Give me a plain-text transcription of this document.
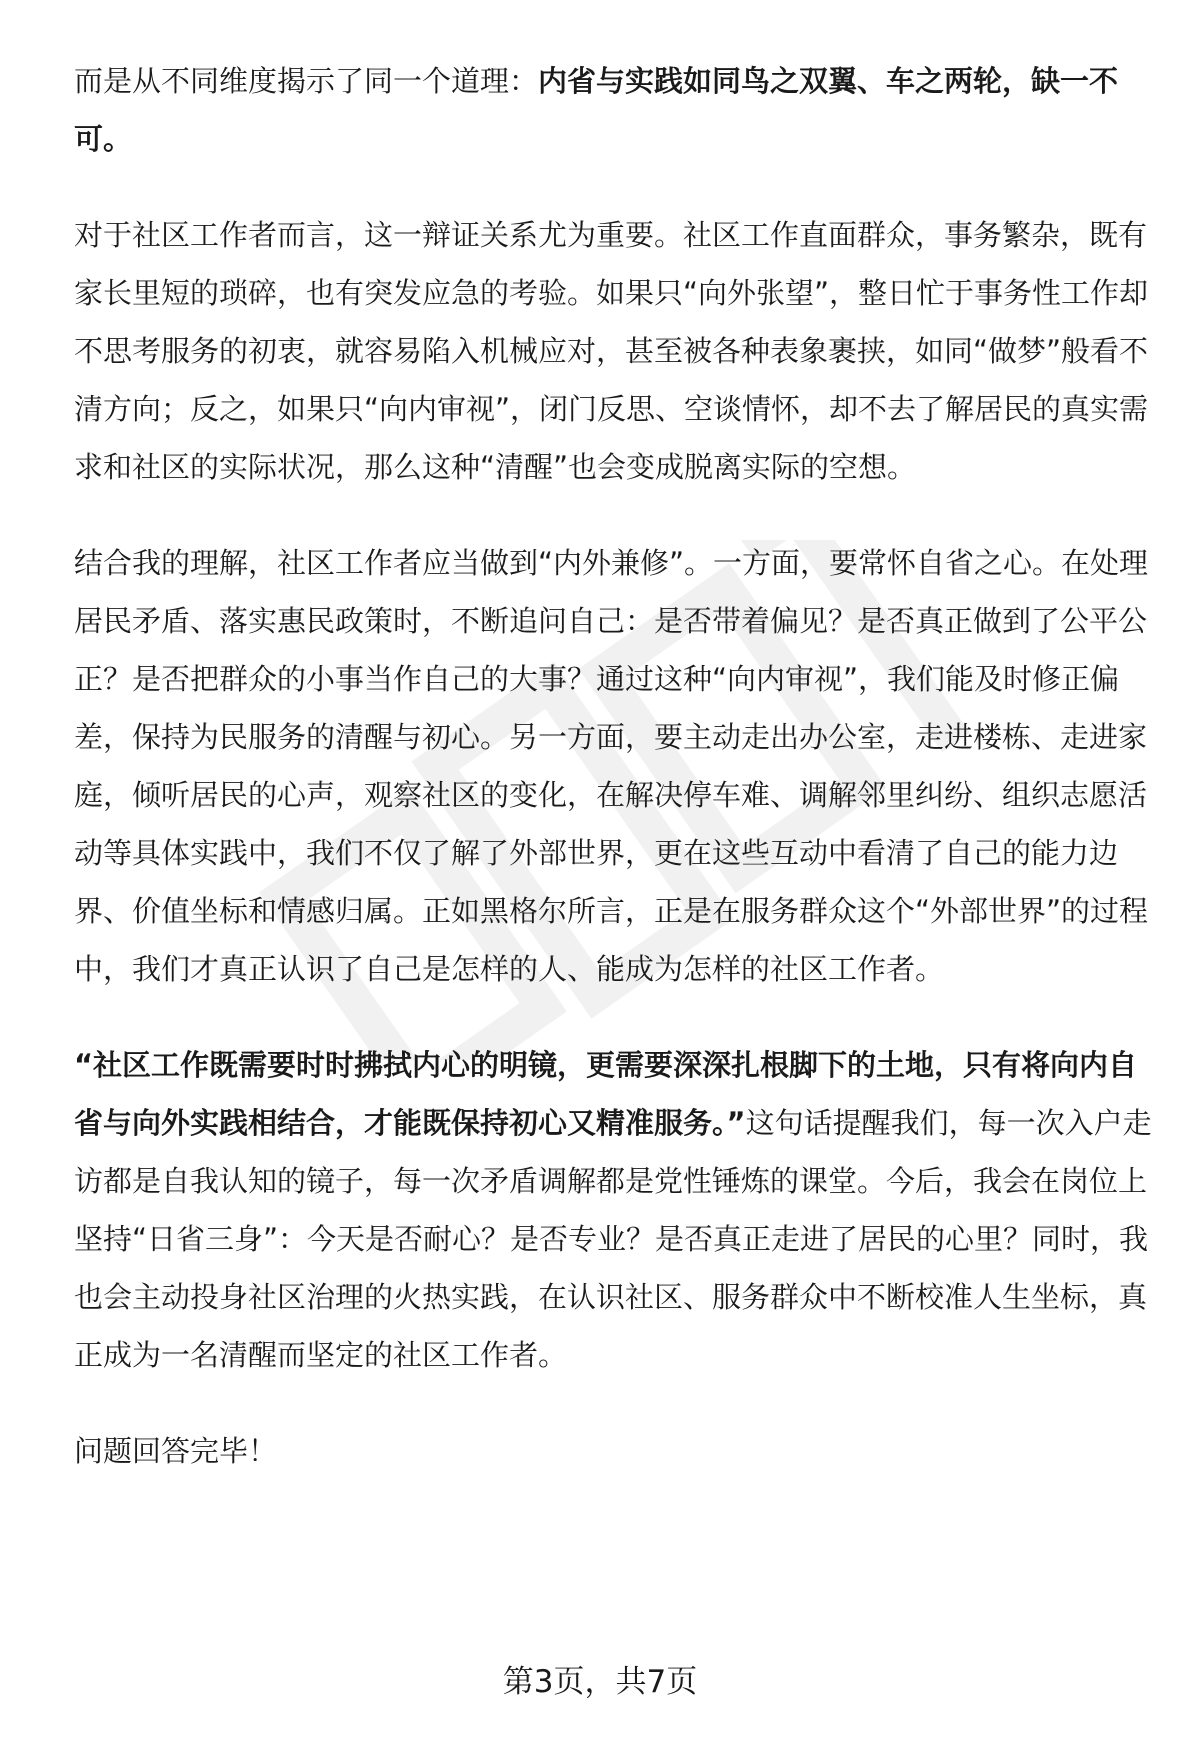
而是从不同维度揭示了同一个道理：内省与实践如同鸟之双翼、车之两轮，缺一不可。

对于社区工作者而言，这一辩证关系尤为重要。社区工作直面群众，事务繁杂，既有家长里短的琐碎，也有突发应急的考验。如果只“向外张望”，整日忙于事务性工作却不思考服务的初衷，就容易陷入机械应对，甚至被各种表象裹挟，如同“做梦”般看不清方向；反之，如果只“向内审视”，闭门反思、空谈情怀，却不去了解居民的真实需求和社区的实际状况，那么这种“清醒”也会变成脱离实际的空想。

结合我的理解，社区工作者应当做到“内外兼修”。一方面，要常怀自省之心。在处理居民矛盾、落实惠民政策时，不断追问自己：是否带着偏见？是否真正做到了公平公正？是否把群众的小事当作自己的大事？通过这种“向内审视”，我们能及时修正偏差，保持为民服务的清醒与初心。另一方面，要主动走出办公室，走进楼栋、走进家庭，倾听居民的心声，观察社区的变化，在解决停车难、调解邻里纠纷、组织志愿活动等具体实践中，我们不仅了解了外部世界，更在这些互动中看清了自己的能力边界、价值坐标和情感归属。正如黑格尔所言，正是在服务群众这个“外部世界”的过程中，我们才真正认识了自己是怎样的人、能成为怎样的社区工作者。

“社区工作既需要时时拂拭内心的明镜，更需要深深扎根脚下的土地，只有将向内自省与向外实践相结合，才能既保持初心又精准服务。”这句话提醒我们，每一次入户走访都是自我认知的镜子，每一次矛盾调解都是党性锤炼的课堂。今后，我会在岗位上坚持“日省三身”：今天是否耐心？是否专业？是否真正走进了居民的心里？同时，我也会主动投身社区治理的火热实践，在认识社区、服务群众中不断校准人生坐标，真正成为一名清醒而坚定的社区工作者。

问题回答完毕！

第3页，共7页
